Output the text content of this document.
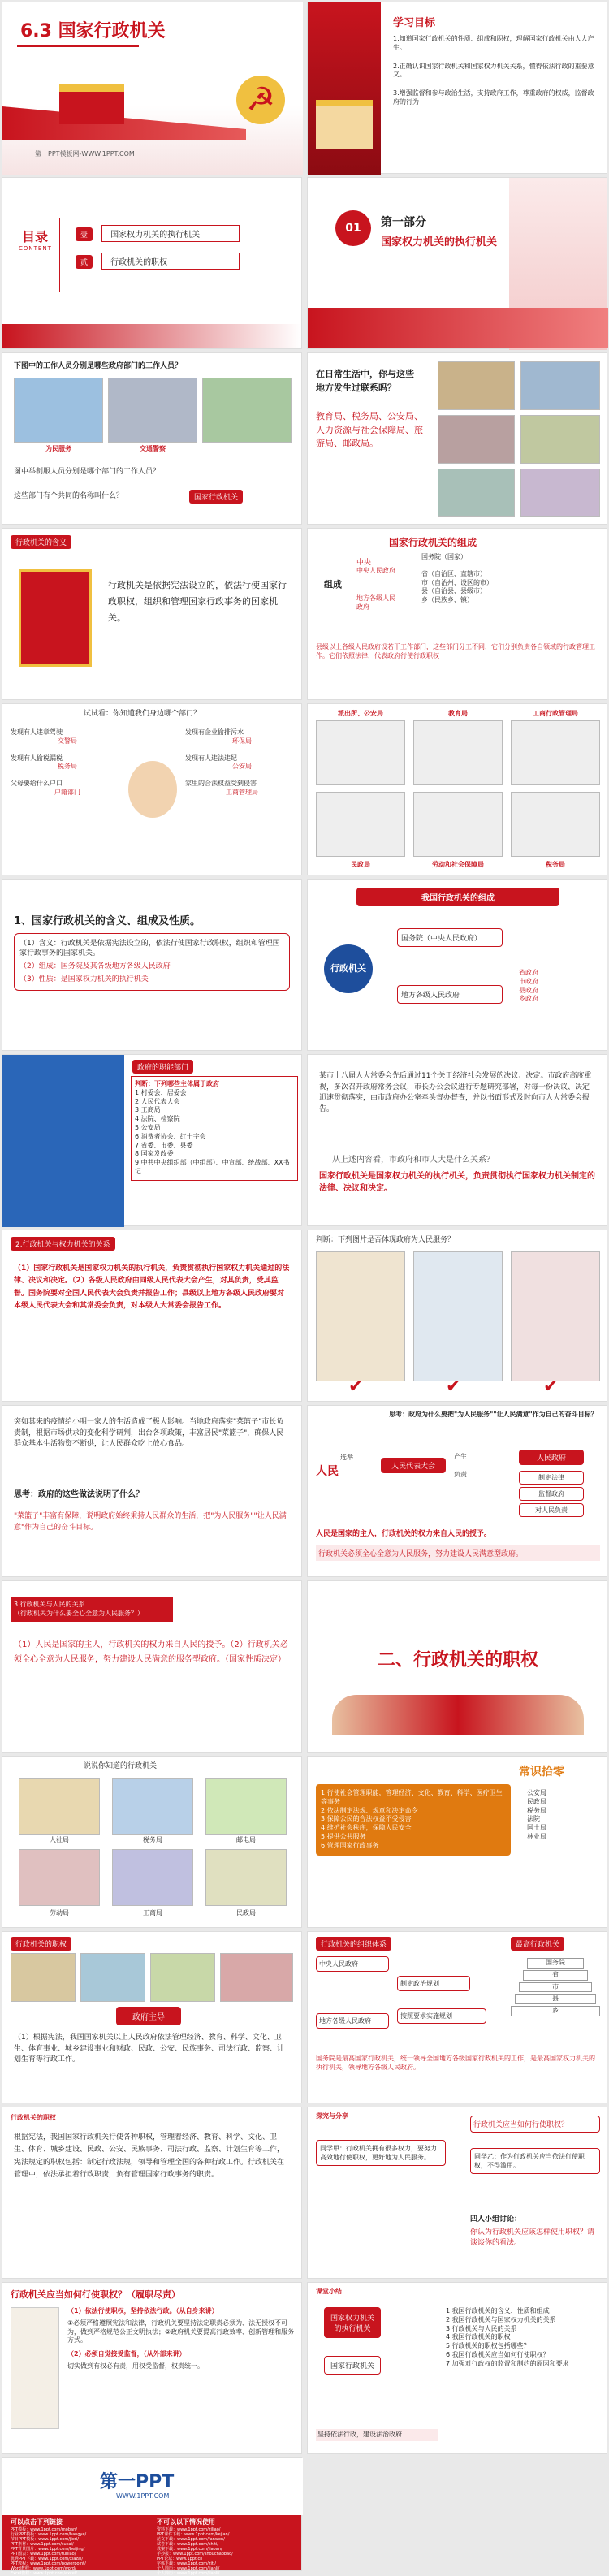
6.3 国家行政机关
☭
第一PPT模板网-WWW.1PPT.COM
学习目标

1.知道国家行政机关的性质、组成和职权，理解国家行政机关由人大产生。

2.正确认识国家行政机关和国家权力机关关系，懂得依法行政的重要意义。

3.增强监督和参与政治生活，支持政府工作，尊重政府的权威，监督政府的行为

目录
CONTENT
壹	国家权力机关的执行机关
贰	行政机关的职权
01	第一部分
国家权力机关的执行机关
下图中的工作人员分别是哪些政府部门的工作人员？
为民服务	交通警察
图中举制服人员分别是哪个部门的工作人员？
这些部门有个共同的名称叫什么？	国家行政机关
在日常生活中，你与这些地方发生过联系吗？
教育局、税务局、公安局、人力资源与社会保障局、旅游局、邮政局。
行政机关的含义
行政机关是依据宪法设立的，依法行使国家行政职权，组织和管理国家行政事务的国家机关。
国家行政机关的组成
组成
中央
中央人民政府
地方各级人民政府
国务院（国家）
省（自治区、直辖市）
市（自治州、设区的市）
县（自治县、县级市）
乡（民族乡、镇）
县级以上各级人民政府设若干工作部门，这些部门分工不同，它们分别负责各自领域的行政管理工作。它们依照法律，代表政府行使行政职权
试试看：你知道我们身边哪个部门？
发现有人违章驾驶
交警局
发现有人偷税漏税
税务局
父母要给什么户口
户籍部门
发现有企业偷排污水
环保局
发现有人违法违纪
公安局
家里的合法权益受到侵害
工商管理局
派出所、公安局	教育局	工商行政管理局
民政局	劳动和社会保障局	税务局
1、国家行政机关的含义、组成及性质。

（1）含义：行政机关是依据宪法设立的，依法行使国家行政职权，组织和管理国家行政事务的国家机关。

（2）组成：国务院及其各级地方各级人民政府

（3）性质：是国家权力机关的执行机关

我国行政机关的组成
行政机关
国务院（中央人民政府）
地方各级人民政府
省政府
市政府
县政府
乡政府
政府的职能部门
判断：下列哪些主体属于政府
1.村委会、居委会
2.人民代表大会
3.工商局
4.法院、检察院
5.公安局
6.消费者协会、红十字会
7.省委、市委、县委
8.国家发改委
9.中共中央组织部（中组部）、中宣部、统战部、XX书记
某市十八届人大常委会先后通过11个关于经济社会发展的决议、决定。市政府高度重视，多次召开政府常务会议，市长办公会议进行专题研究部署，对每一份决议、决定迅速贯彻落实，由市政府办公室牵头督办督查，并以书面形式及时向市人大常委会报告。
从上述内容看，市政府和市人大是什么关系？
国家行政机关是国家权力机关的执行机关，负责贯彻执行国家权力机关制定的法律、决议和决定。
2.行政机关与权力机关的关系
（1）国家行政机关是国家权力机关的执行机关，负责贯彻执行国家权力机关通过的法律、决议和决定。（2）各级人民政府由同级人民代表大会产生，对其负责，受其监督。国务院要对全国人民代表大会负责并报告工作；县级以上地方各级人民政府要对本级人民代表大会和其常委会负责，对本级人大常委会报告工作。
判断：下列图片是否体现政府为人民服务？
✔	✔	✔
突如其来的疫情给小明一家人的生活造成了极大影响。当地政府落实"菜篮子"市长负责制，根据市场供求的变化科学研判，出台各项政策，丰富居民"菜篮子"，确保人民群众基本生活物资不断供，让人民群众吃上放心食品。
思考：政府的这些做法说明了什么？
"菜篮子"丰富有保障，说明政府始终秉持人民群众的生活，把"为人民服务""让人民满意"作为自己的奋斗目标。
思考：政府为什么要把"为人民服务""让人民满意"作为自己的奋斗目标？
人民
选举
人民代表大会
人民政府
产生
负责	制定法律
监督政府
对人民负责
人民是国家的主人，行政机关的权力来自人民的授予。
行政机关必须全心全意为人民服务，努力建设人民满意型政府。
3.行政机关与人民的关系
（行政机关为什么要全心全意为人民服务？）
（1）人民是国家的主人，行政机关的权力来自人民的授予。（2）行政机关必须全心全意为人民服务，努力建设人民满意的服务型政府。（国家性质决定）	二、行政机关的职权
说说你知道的行政机关
人社局	税务局	邮电局
劳动局	工商局	民政局
常识拾零
1.行使社会管理职能，管理经济、文化、教育、科学、医疗卫生等事务
2.依法制定法规、规章和决定命令
3.保障公民的合法权益不受侵害
4.维护社会秩序，保障人民安全
5.提供公共服务
6.管理国家行政事务
公安局
民政局
税务局
法院
国土局
林业局
行政机关的职权
政府主导
（1）根据宪法，我国国家机关以上人民政府依法管理经济、教育、科学、文化、卫生、体育事业、城乡建设事业和财政、民政、公安、民族事务、司法行政、监察、计划生育等行政工作。
行政机关的组织体系	最高行政机关
中央人民政府
制定政治规划
按照要求实施规划
地方各级人民政府
国务院
省
市
县
乡
国务院是最高国家行政机关，统一领导全国地方各级国家行政机关的工作，是最高国家权力机关的执行机关，领导地方各级人民政府。
行政机关的职权
根据宪法，我国国家行政机关行使各种职权，管理着经济、教育、科学、文化、卫生、体育、城乡建设、民政、公安、民族事务、司法行政、监察、计划生育等工作，宪法规定的职权包括：制定行政法规，领导和管理全国的各种行政工作。行政机关在管理中，依法承担着行政职责，负有管理国家行政事务的职责。
探究与分享
行政机关应当如何行使职权？
同学甲：行政机关拥有很多权力，要努力高效地行使职权，更好地为人民服务。	同学乙：作为行政机关应当依法行使职权，不得滥用。
四人小组讨论：
你认为行政机关应该怎样使用职权？请谈谈你的看法。
行政机关应当如何行使职权？（履职尽责）
（1）依法行使职权，坚持依法行政。（从自身来讲）
①必须严格遵照宪法和法律，行政机关要坚持法定职责必须为、法无授权不可为，做到严格规范公正文明执法；②政府机关要提高行政效率、创新管理和服务方式。
（2）必须自觉接受监督，（从外部来讲）
切实做到有权必有责，用权受监督，权责统一。
课堂小结
国家权力机关的执行机关
国家行政机关
坚持依法行政，建设法治政府
1.我国行政机关的含义、性质和组成
2.我国行政机关与国家权力机关的关系
3.行政机关与人民的关系
4.我国行政机关的职权
5.行政机关的职权包括哪些？
6.我国行政机关应当如何行使职权？
7.加强对行政权的监督和制约的原因和要求
第一PPT
WWW.1PPT.COM
可以点击下列链接
PPT模板：www.1ppt.com/moban/
行业PPT模板：www.1ppt.com/hangye/
节日PPT模板：www.1ppt.com/jieri/
PPT素材：www.1ppt.com/sucai/
PPT背景图片：www.1ppt.com/beijing/
PPT图表：www.1ppt.com/tubiao/
优秀PPT下载：www.1ppt.com/xiazai/
PPT教程：www.1ppt.com/powerpoint/
Word教程：www.1ppt.com/word/
Excel教程：www.1ppt.com/excel/
不可以以下情况使用
资料下载：www.1ppt.com/ziliao/
PPT课件下载：www.1ppt.com/kejian/
范文下载：www.1ppt.com/fanwen/
试卷下载：www.1ppt.com/shiti/
教案下载：www.1ppt.com/jiaoan/
手抄报：www.1ppt.com/shouchaobao/
PPT论坛：www.1ppt.cn
字体下载：www.1ppt.com/ziti/
个人简历：www.1ppt.com/jianli/
个人简历：www.1ppt.com/jianli/
